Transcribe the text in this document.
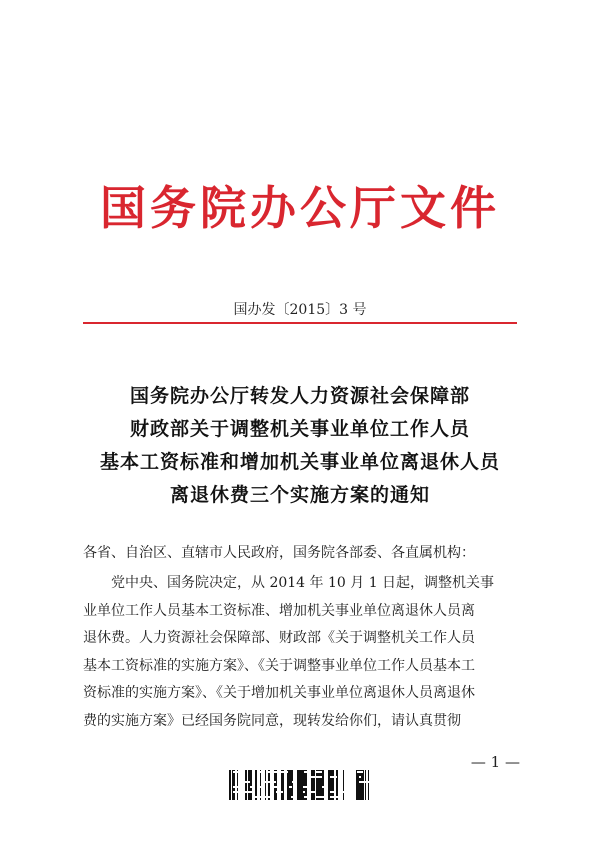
国务院办公厅文件
国办发〔2015〕3 号
国务院办公厅转发人力资源社会保障部
财政部关于调整机关事业单位工作人员
基本工资标准和增加机关事业单位离退休人员
离退休费三个实施方案的通知
各省、自治区、直辖市人民政府，国务院各部委、各直属机构：
党中央、国务院决定，从 2014 年 10 月 1 日起，调整机关事
业单位工作人员基本工资标准、增加机关事业单位离退休人员离
退休费。人力资源社会保障部、财政部《关于调整机关工作人员
基本工资标准的实施方案》、《关于调整事业单位工作人员基本工
资标准的实施方案》、《关于增加机关事业单位离退休人员离退休
费的实施方案》已经国务院同意，现转发给你们，请认真贯彻
— 1 —
